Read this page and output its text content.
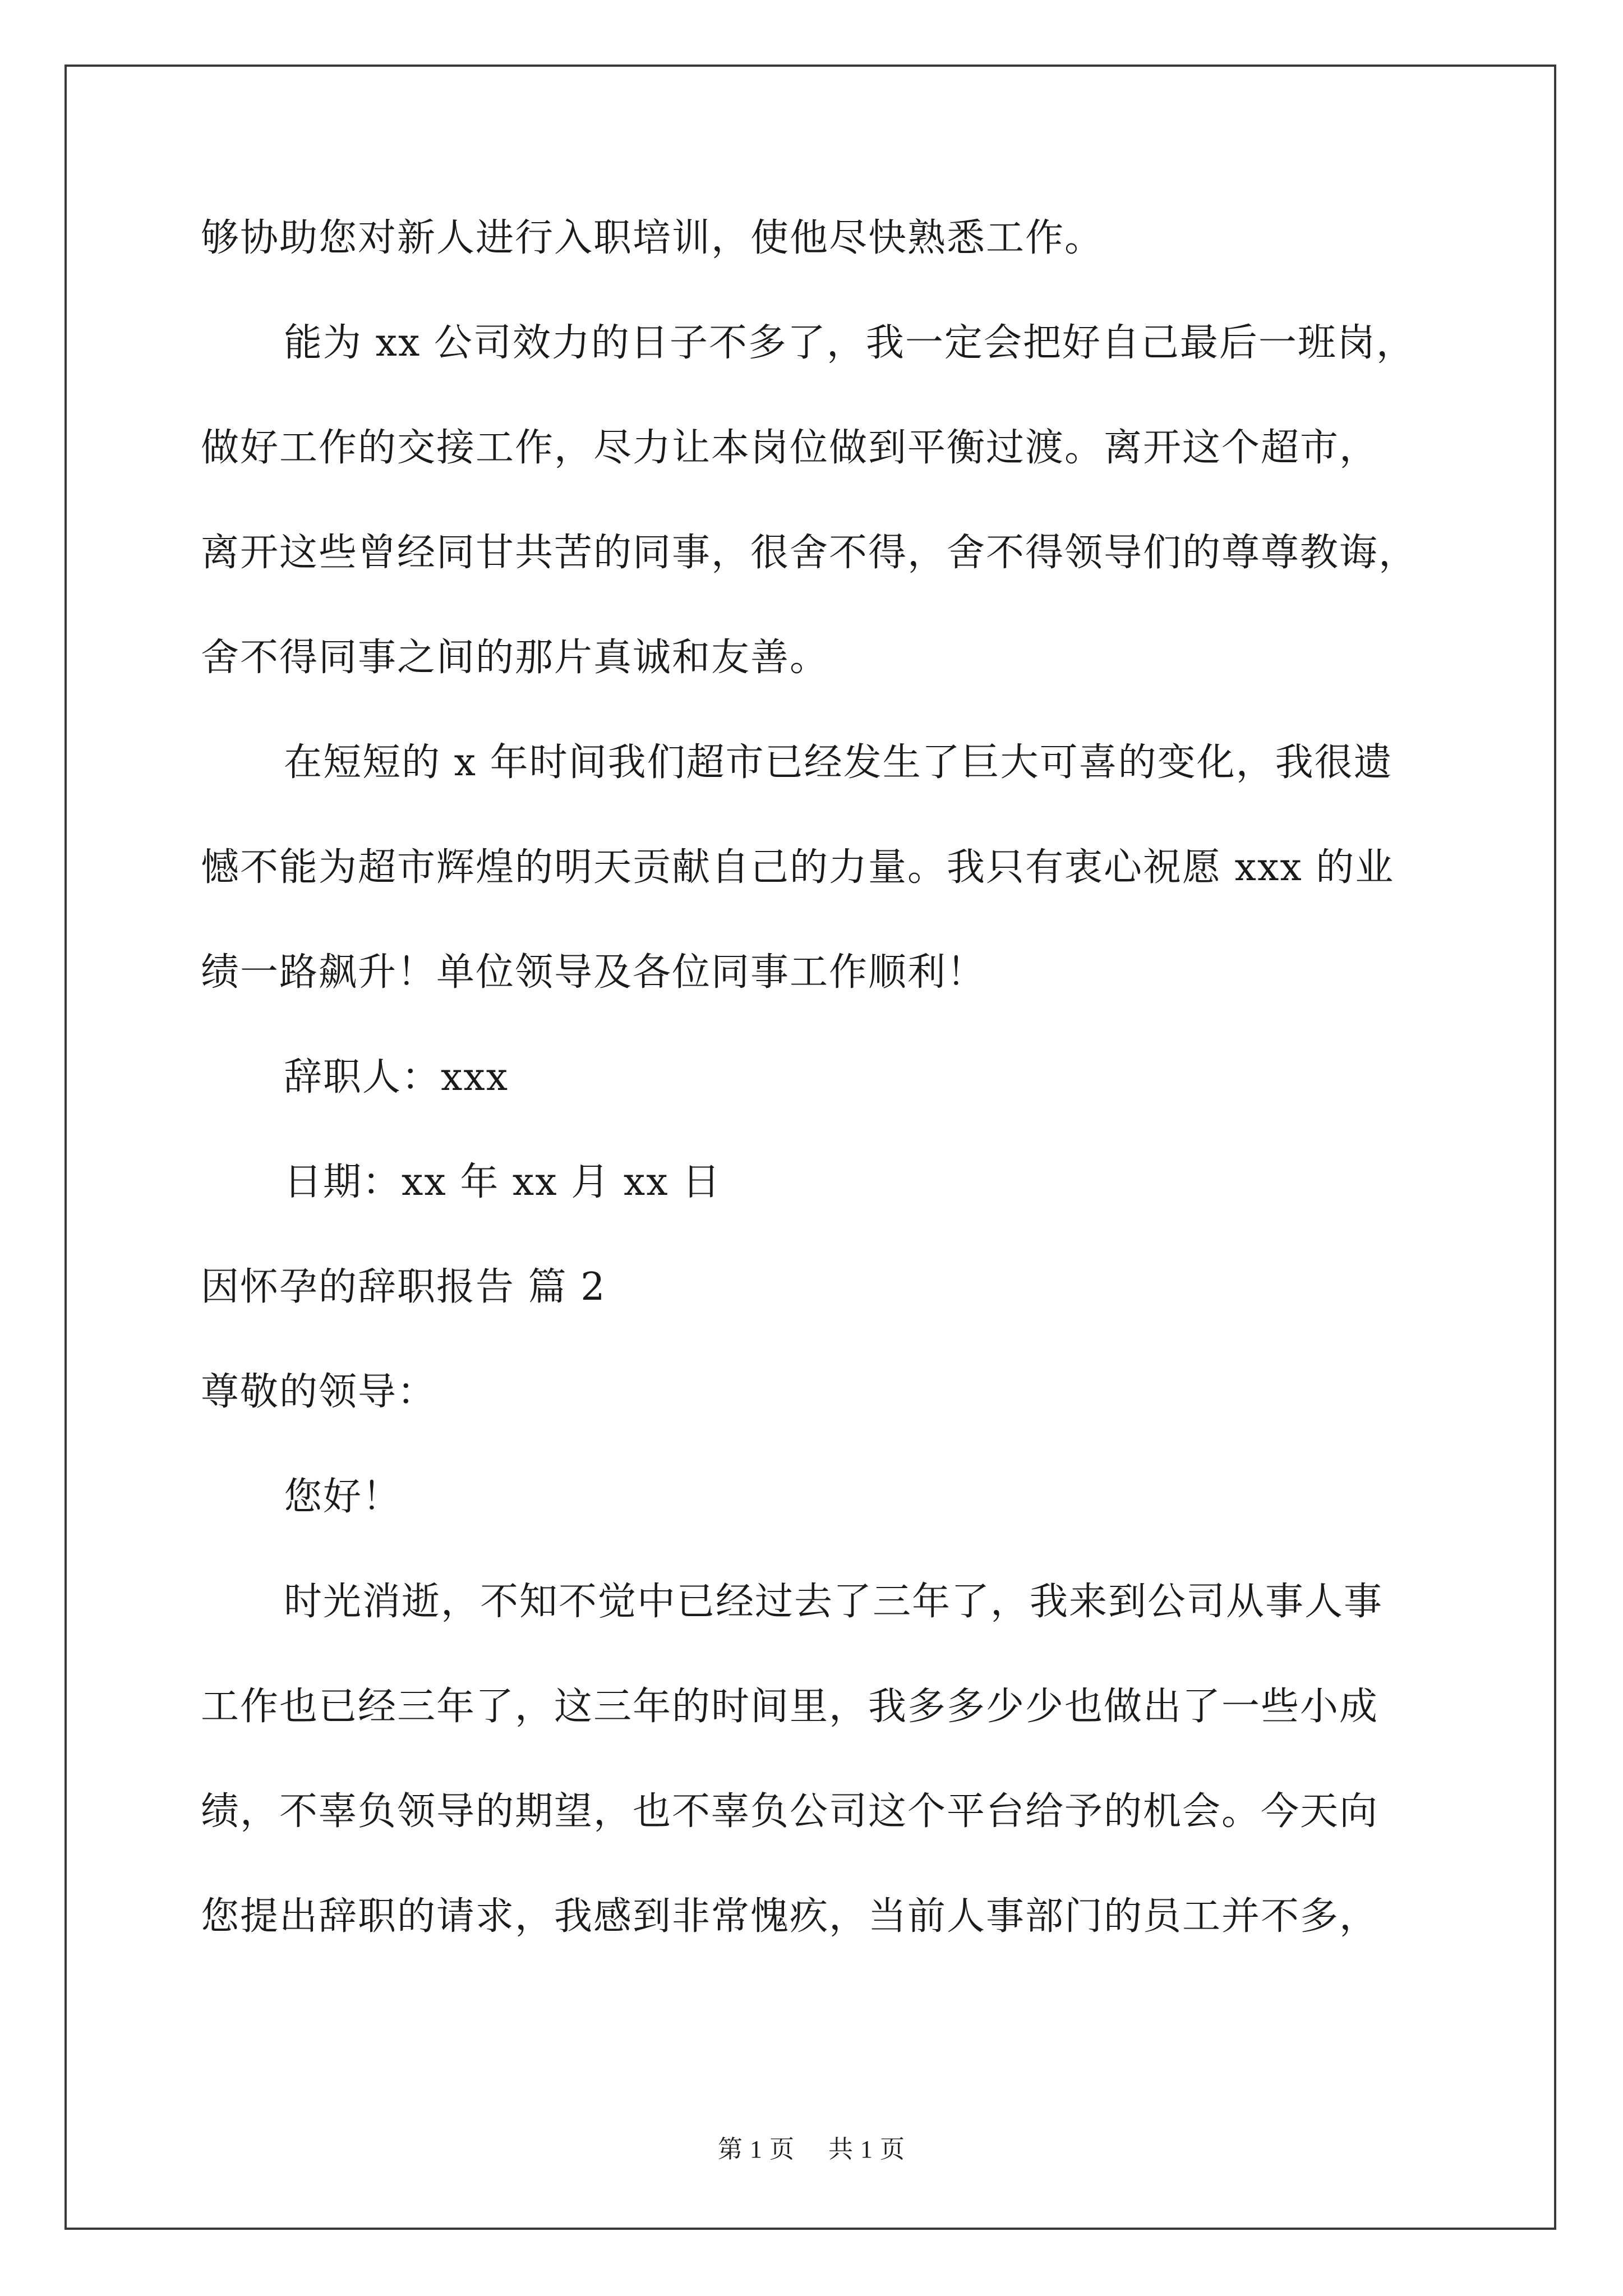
够协助您对新人进行入职培训，使他尽快熟悉工作。
能为 xx 公司效力的日子不多了，我一定会把好自己最后一班岗，
做好工作的交接工作，尽力让本岗位做到平衡过渡。离开这个超市，
离开这些曾经同甘共苦的同事，很舍不得，舍不得领导们的尊尊教诲，
舍不得同事之间的那片真诚和友善。
在短短的 x 年时间我们超市已经发生了巨大可喜的变化，我很遗
憾不能为超市辉煌的明天贡献自己的力量。我只有衷心祝愿 xxx 的业
绩一路飙升！单位领导及各位同事工作顺利！
辞职人：xxx
日期：xx 年 xx 月 xx 日
因怀孕的辞职报告 篇 2
尊敬的领导：
您好！
时光消逝，不知不觉中已经过去了三年了，我来到公司从事人事
工作也已经三年了，这三年的时间里，我多多少少也做出了一些小成
绩，不辜负领导的期望，也不辜负公司这个平台给予的机会。今天向
您提出辞职的请求，我感到非常愧疚，当前人事部门的员工并不多，
第 1 页 共 1 页
